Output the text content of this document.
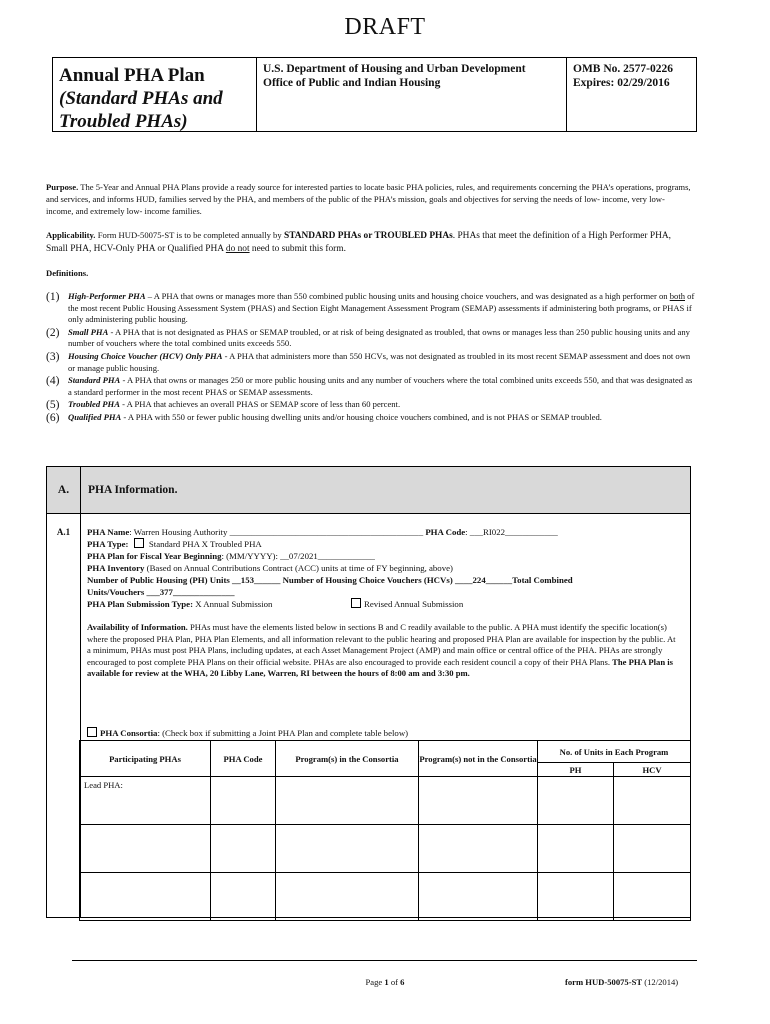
DRAFT
Annual PHA Plan
(Standard PHAs and
Troubled PHAs)
U.S. Department of Housing and Urban Development
Office of Public and Indian Housing
OMB No. 2577-0226
Expires: 02/29/2016
Purpose. The 5-Year and Annual PHA Plans provide a ready source for interested parties to locate basic PHA policies, rules, and requirements concerning the PHA’s operations, programs, and services, and informs HUD, families served by the PHA, and members of the public of the PHA’s mission, goals and objectives for serving the needs of low- income, very low- income, and extremely low- income families.
Applicability. Form HUD-50075-ST is to be completed annually by STANDARD PHAs or TROUBLED PHAs. PHAs that meet the definition of a High Performer PHA, Small PHA, HCV-Only PHA or Qualified PHA do not need to submit this form.
Definitions.
(1) High-Performer PHA – A PHA that owns or manages more than 550 combined public housing units and housing choice vouchers, and was designated as a high performer on both of the most recent Public Housing Assessment System (PHAS) and Section Eight Management Assessment Program (SEMAP) assessments if administering both programs, or PHAS if only administering public housing.
(2) Small PHA - A PHA that is not designated as PHAS or SEMAP troubled, or at risk of being designated as troubled, that owns or manages less than 250 public housing units and any number of vouchers where the total combined units exceeds 550.
(3) Housing Choice Voucher (HCV) Only PHA - A PHA that administers more than 550 HCVs, was not designated as troubled in its most recent SEMAP assessment and does not own or manage public housing.
(4) Standard PHA - A PHA that owns or manages 250 or more public housing units and any number of vouchers where the total combined units exceeds 550, and that was designated as a standard performer in the most recent PHAS or SEMAP assessments.
(5) Troubled PHA - A PHA that achieves an overall PHAS or SEMAP score of less than 60 percent.
(6) Qualified PHA - A PHA with 550 or fewer public housing dwelling units and/or housing choice vouchers combined, and is not PHAS or SEMAP troubled.
A.	PHA Information.
A.1	PHA Name: Warren Housing Authority ____________________________________________ PHA Code: ___RI022____________
PHA Type: Standard PHA X Troubled PHA
PHA Plan for Fiscal Year Beginning: (MM/YYYY): __07/2021_____________
PHA Inventory (Based on Annual Contributions Contract (ACC) units at time of FY beginning, above)
Number of Public Housing (PH) Units __153______ Number of Housing Choice Vouchers (HCVs) ____224______Total Combined
Units/Vouchers ___377______________
PHA Plan Submission Type: X Annual Submission	Revised Annual Submission
Availability of Information. PHAs must have the elements listed below in sections B and C readily available to the public. A PHA must identify the specific location(s) where the proposed PHA Plan, PHA Plan Elements, and all information relevant to the public hearing and proposed PHA Plan are available for inspection by the public. At a minimum, PHAs must post PHA Plans, including updates, at each Asset Management Project (AMP) and main office or central office of the PHA. PHAs are strongly encouraged to post complete PHA Plans on their official website. PHAs are also encouraged to provide each resident council a copy of their PHA Plans. The PHA Plan is available for review at the WHA, 20 Libby Lane, Warren, RI between the hours of 8:00 am and 3:30 pm.
PHA Consortia: (Check box if submitting a Joint PHA Plan and complete table below)
Participating PHAs	PHA Code	Program(s) in the Consortia	Program(s) not in the Consortia	No. of Units in Each Program	
				PH	HCV
Lead PHA:					

Page 1 of 6	form HUD-50075-ST (12/2014)
